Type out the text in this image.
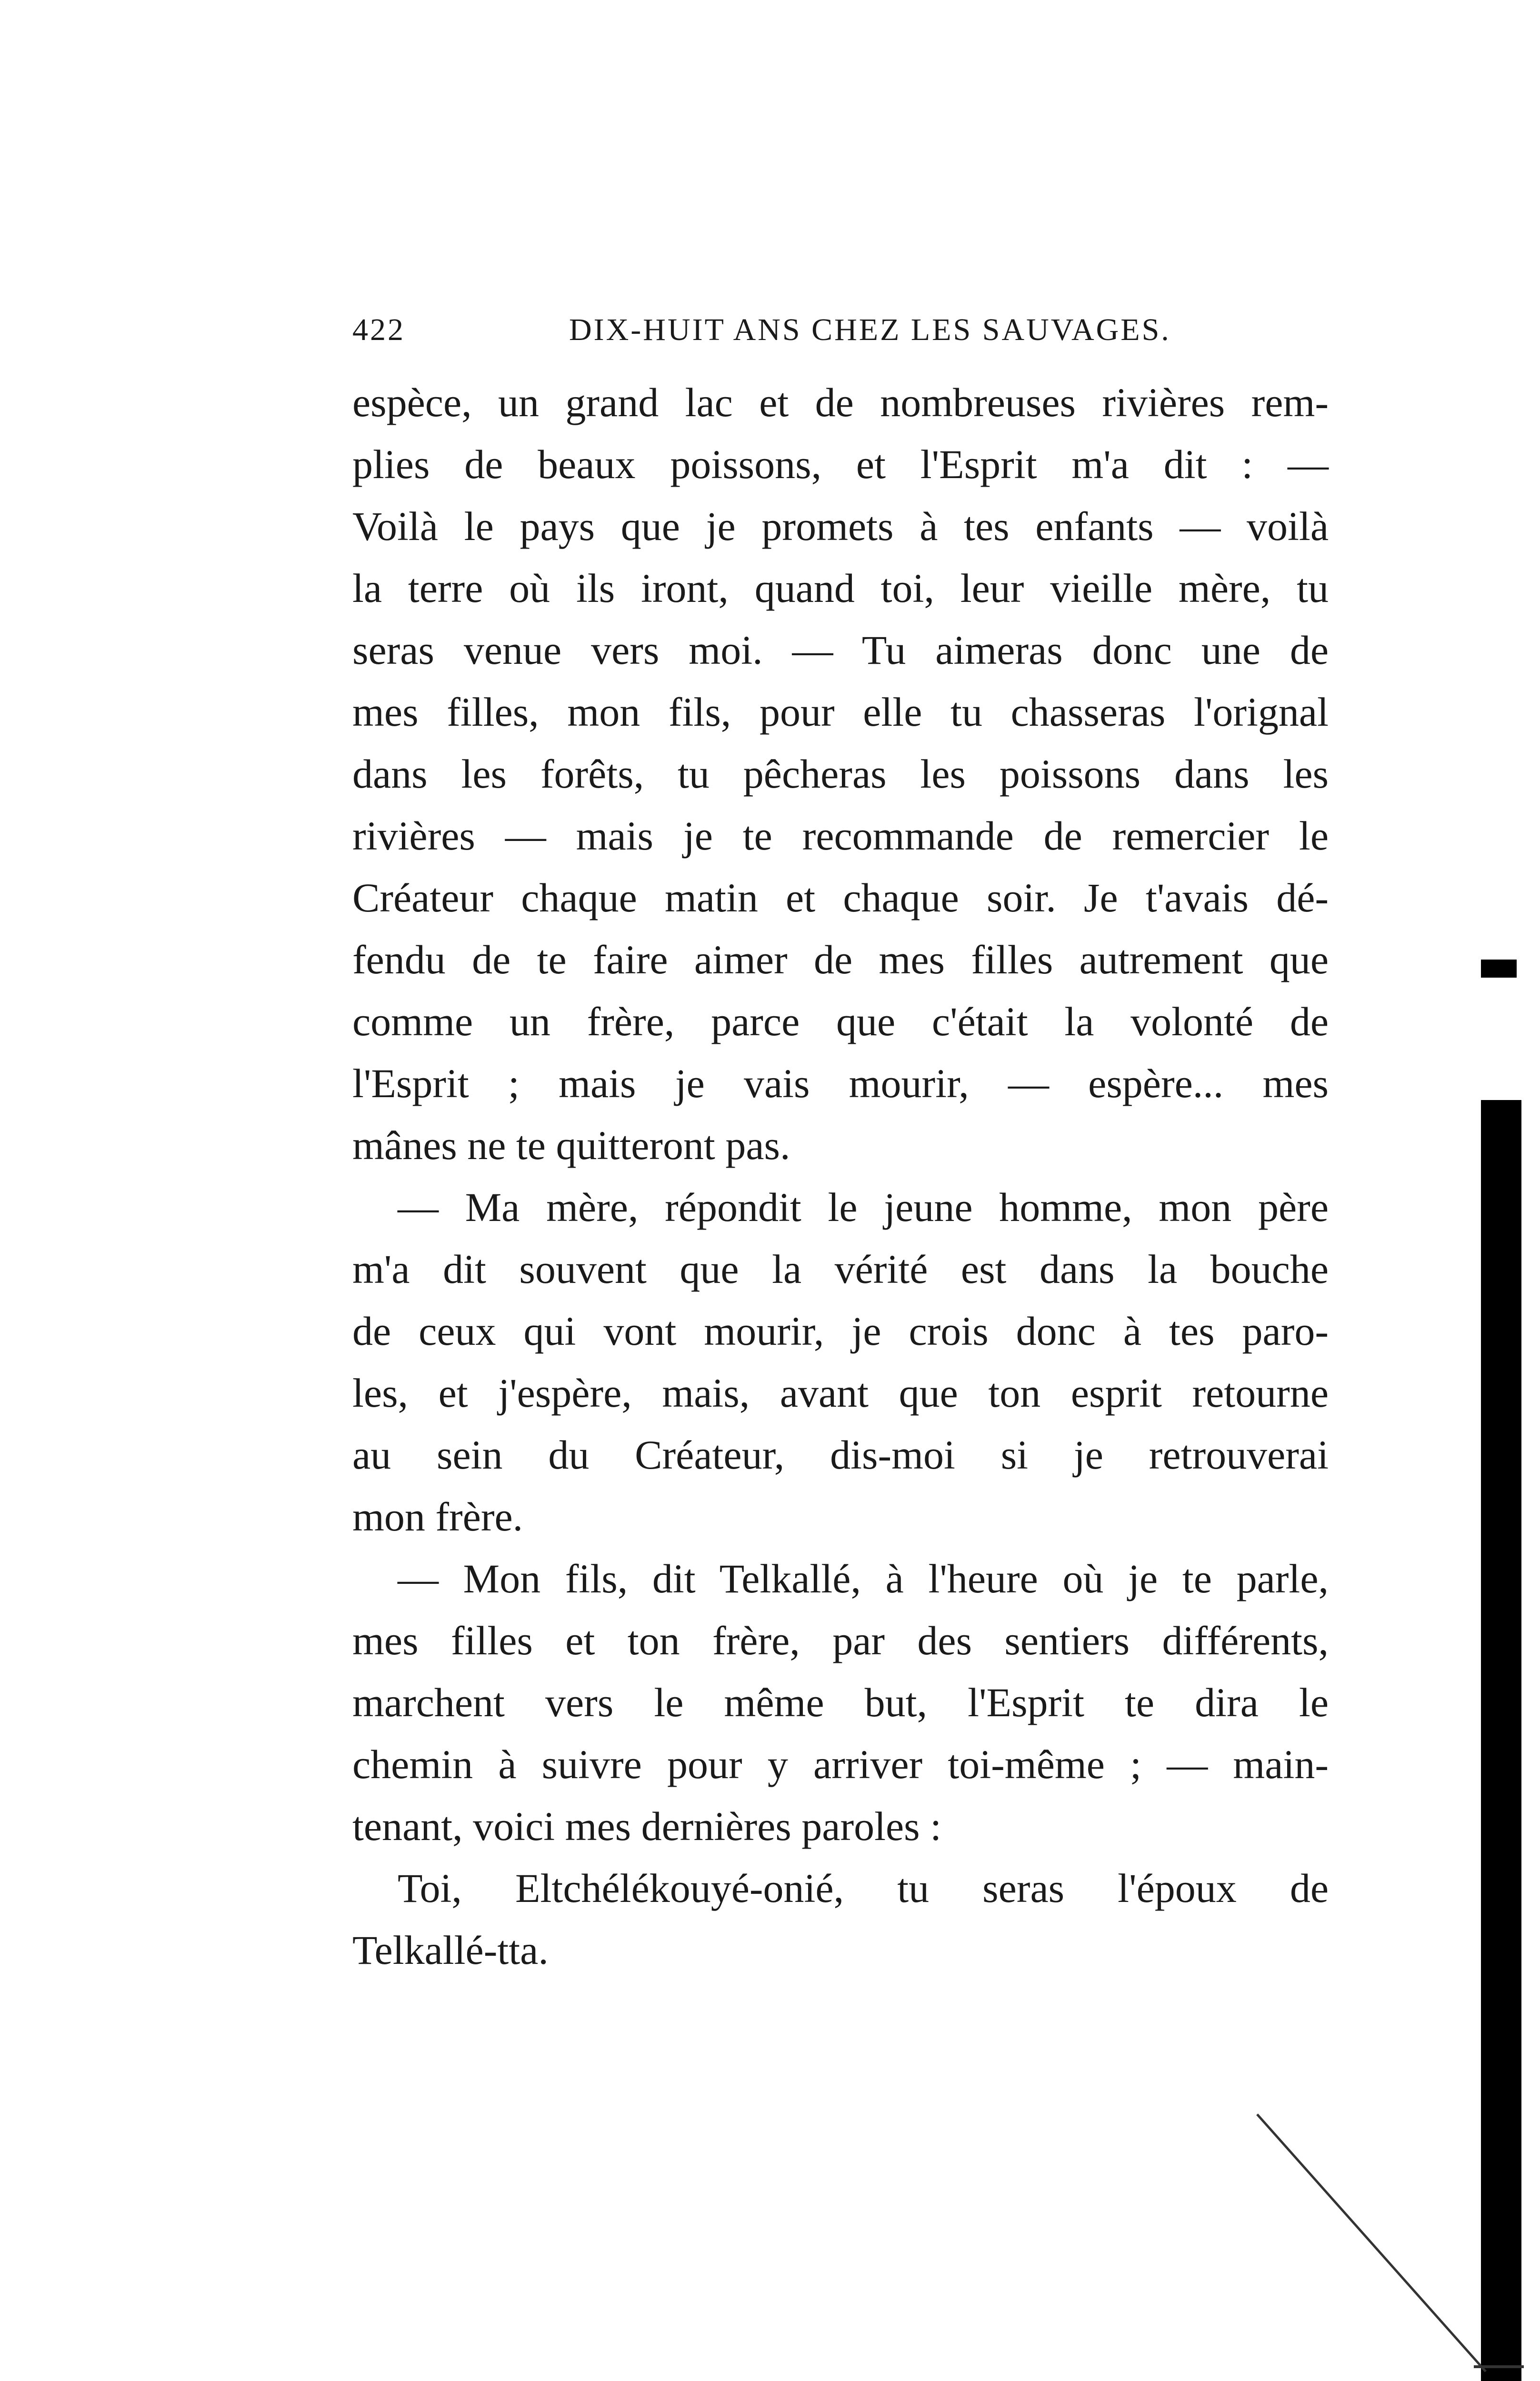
422	DIX-HUIT ANS CHEZ LES SAUVAGES.
espèce, un grand lac et de nombreuses rivières rem-
plies de beaux poissons, et l'Esprit m'a dit : —
Voilà le pays que je promets à tes enfants — voilà
la terre où ils iront, quand toi, leur vieille mère, tu
seras venue vers moi. — Tu aimeras donc une de
mes filles, mon fils, pour elle tu chasseras l'orignal
dans les forêts, tu pêcheras les poissons dans les
rivières — mais je te recommande de remercier le
Créateur chaque matin et chaque soir. Je t'avais dé-
fendu de te faire aimer de mes filles autrement que
comme un frère, parce que c'était la volonté de
l'Esprit ; mais je vais mourir, — espère... mes
mânes ne te quitteront pas.
— Ma mère, répondit le jeune homme, mon père
m'a dit souvent que la vérité est dans la bouche
de ceux qui vont mourir, je crois donc à tes paro-
les, et j'espère, mais, avant que ton esprit retourne
au sein du Créateur, dis-moi si je retrouverai
mon frère.
— Mon fils, dit Telkallé, à l'heure où je te parle,
mes filles et ton frère, par des sentiers différents,
marchent vers le même but, l'Esprit te dira le
chemin à suivre pour y arriver toi-même ; — main-
tenant, voici mes dernières paroles :
Toi, Eltchélékouyé-onié, tu seras l'époux de
Telkallé-tta.
